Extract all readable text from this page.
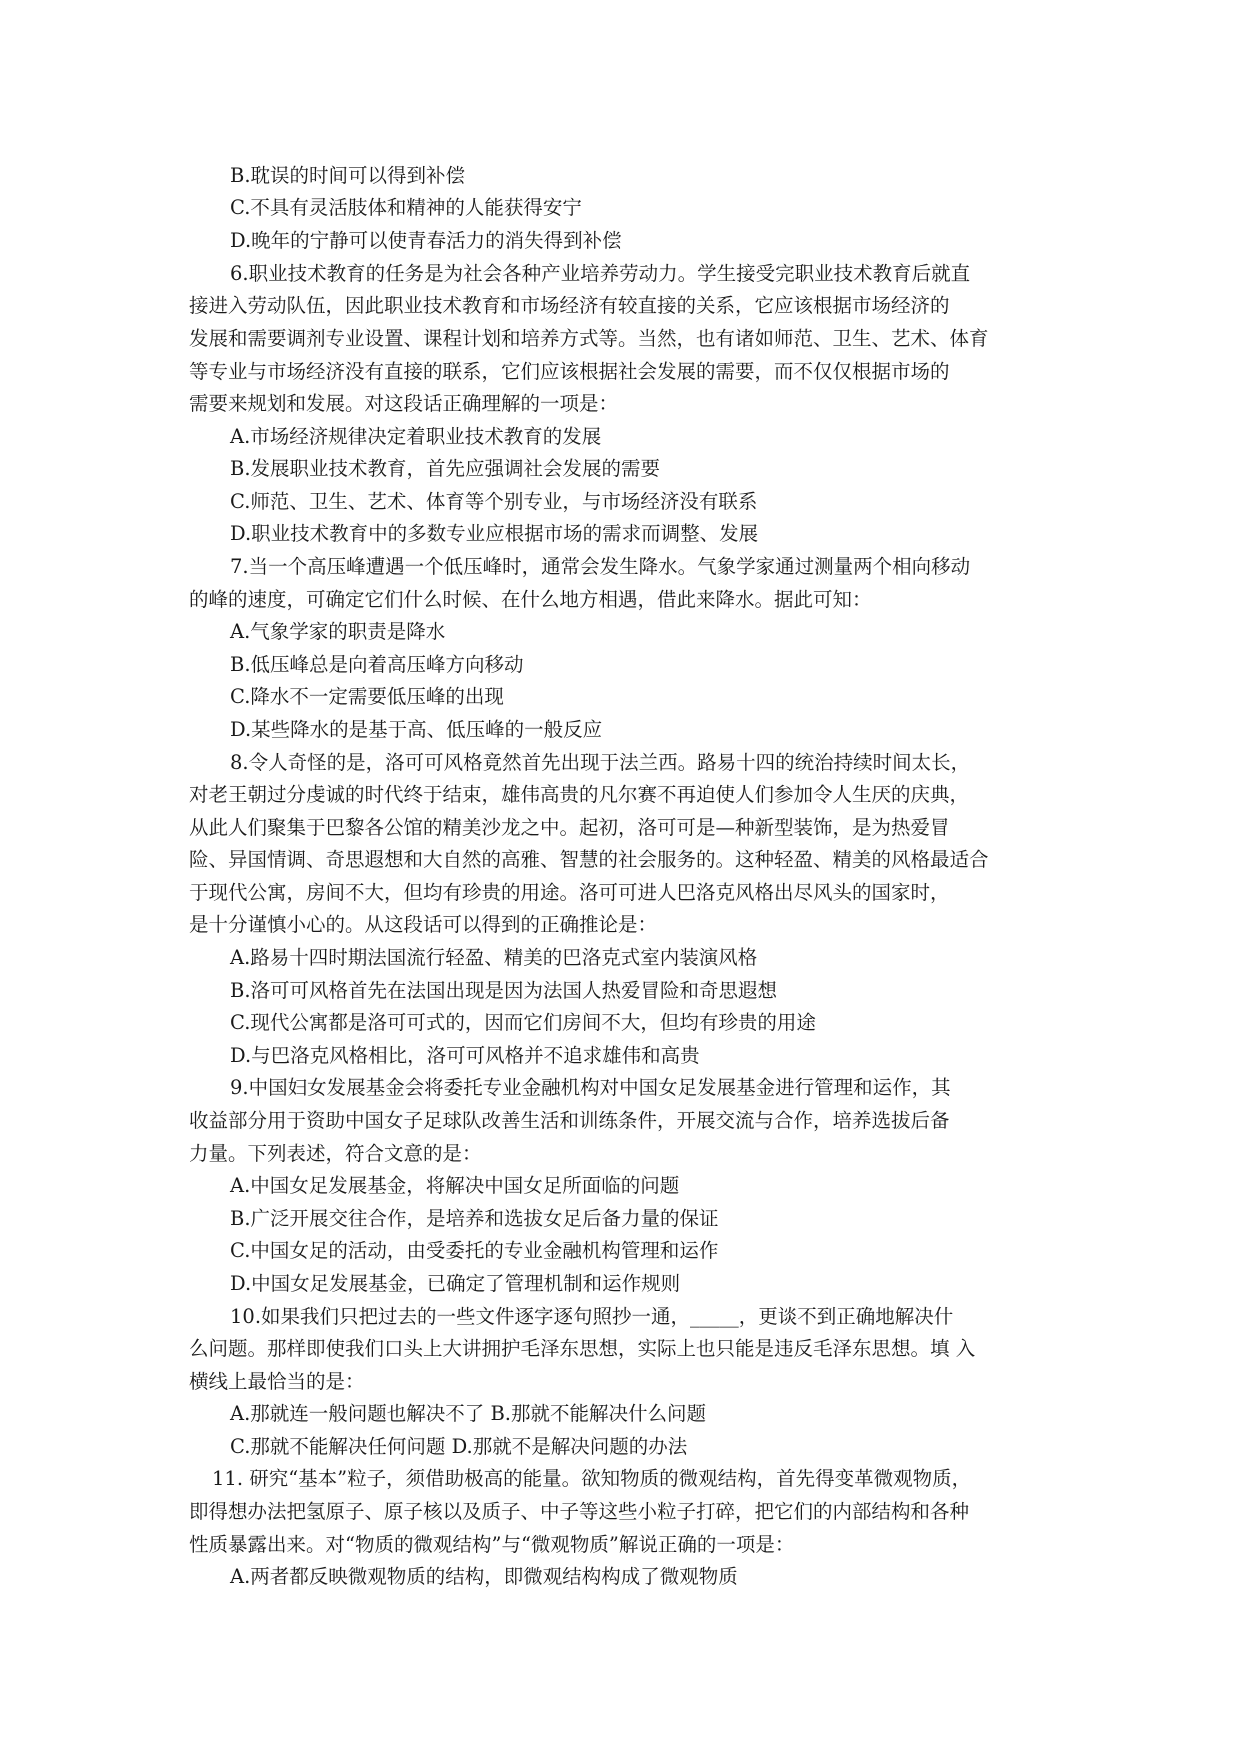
B.耽误的时间可以得到补偿
C.不具有灵活肢体和精神的人能获得安宁
D.晚年的宁静可以使青春活力的消失得到补偿
6.职业技术教育的任务是为社会各种产业培养劳动力。学生接受完职业技术教育后就直
接进入劳动队伍，因此职业技术教育和市场经济有较直接的关系，它应该根据市场经济的
发展和需要调剂专业设置、课程计划和培养方式等。当然，也有诸如师范、卫生、艺术、体育
等专业与市场经济没有直接的联系，它们应该根据社会发展的需要，而不仅仅根据市场的
需要来规划和发展。对这段话正确理解的一项是：
A.市场经济规律决定着职业技术教育的发展
B.发展职业技术教育，首先应强调社会发展的需要
C.师范、卫生、艺术、体育等个别专业，与市场经济没有联系
D.职业技术教育中的多数专业应根据市场的需求而调整、发展
7.当一个高压峰遭遇一个低压峰时，通常会发生降水。气象学家通过测量两个相向移动
的峰的速度，可确定它们什么时候、在什么地方相遇，借此来降水。据此可知：
A.气象学家的职责是降水
B.低压峰总是向着高压峰方向移动
C.降水不一定需要低压峰的出现
D.某些降水的是基于高、低压峰的一般反应
8.令人奇怪的是，洛可可风格竟然首先出现于法兰西。路易十四的统治持续时间太长，
对老王朝过分虔诚的时代终于结束，雄伟高贵的凡尔赛不再迫使人们参加令人生厌的庆典，
从此人们聚集于巴黎各公馆的精美沙龙之中。起初，洛可可是—种新型装饰，是为热爱冒
险、异国情调、奇思遐想和大自然的高雅、智慧的社会服务的。这种轻盈、精美的风格最适合
于现代公寓，房间不大，但均有珍贵的用途。洛可可进人巴洛克风格出尽风头的国家时，
是十分谨慎小心的。从这段话可以得到的正确推论是：
A.路易十四时期法国流行轻盈、精美的巴洛克式室内装演风格
B.洛可可风格首先在法国出现是因为法国人热爱冒险和奇思遐想
C.现代公寓都是洛可可式的，因而它们房间不大，但均有珍贵的用途
D.与巴洛克风格相比，洛可可风格并不追求雄伟和高贵
9.中国妇女发展基金会将委托专业金融机构对中国女足发展基金进行管理和运作，其
收益部分用于资助中国女子足球队改善生活和训练条件，开展交流与合作，培养选拔后备
力量。下列表述，符合文意的是：
A.中国女足发展基金，将解决中国女足所面临的问题
B.广泛开展交往合作，是培养和选拔女足后备力量的保证
C.中国女足的活动，由受委托的专业金融机构管理和运作
D.中国女足发展基金，已确定了管理机制和运作规则
10.如果我们只把过去的一些文件逐字逐句照抄一通，_____，更谈不到正确地解决什
么问题。那样即使我们口头上大讲拥护毛泽东思想，实际上也只能是违反毛泽东思想。填 入
横线上最恰当的是：
A.那就连一般问题也解决不了 B.那就不能解决什么问题
C.那就不能解决任何问题 D.那就不是解决问题的办法
11. 研究“基本”粒子，须借助极高的能量。欲知物质的微观结构，首先得变革微观物质，
即得想办法把氢原子、原子核以及质子、中子等这些小粒子打碎，把它们的内部结构和各种
性质暴露出来。对“物质的微观结构”与“微观物质”解说正确的一项是：
A.两者都反映微观物质的结构，即微观结构构成了微观物质
